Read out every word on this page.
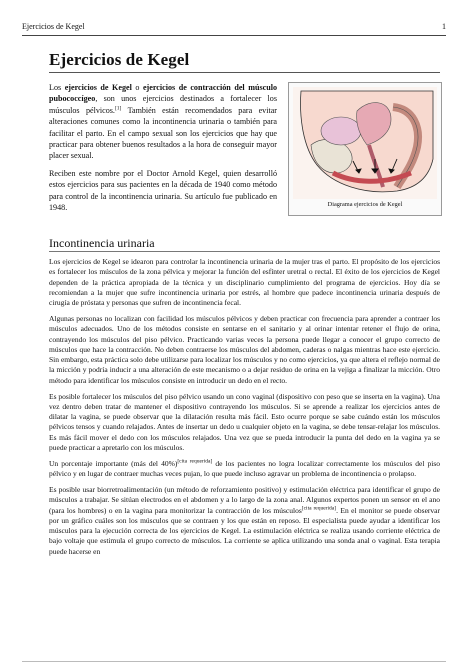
Ejercicios de Kegel	1
Ejercicios de Kegel

Los ejercicios de Kegel o ejercicios de contracción del músculo pubococcígeo, son unos ejercicios destinados a fortalecer los músculos pélvicos.[1] También están recomendados para evitar alteraciones comunes como la incontinencia urinaria o también para facilitar el parto. En el campo sexual son los ejercicios que hay que practicar para obtener buenos resultados a la hora de conseguir mayor placer sexual.

Reciben este nombre por el Doctor Arnold Kegel, quien desarrolló estos ejercicios para sus pacientes en la década de 1940 como método para control de la incontinencia urinaria. Su artículo fue publicado en 1948.	Diagrama ejercicios de Kegel
Incontinencia urinaria

Los ejercicios de Kegel se idearon para controlar la incontinencia urinaria de la mujer tras el parto. El propósito de los ejercicios es fortalecer los músculos de la zona pélvica y mejorar la función del esfínter uretral o rectal. El éxito de los ejercicios de Kegel dependen de la práctica apropiada de la técnica y un disciplinario cumplimiento del programa de ejercicios. Hoy día se recomiendan a la mujer que sufre incontinencia urinaria por estrés, al hombre que padece incontinencia urinaria después de cirugía de próstata y personas que sufren de incontinencia fecal.

Algunas personas no localizan con facilidad los músculos pélvicos y deben practicar con frecuencia para aprender a contraer los músculos adecuados. Uno de los métodos consiste en sentarse en el sanitario y al orinar intentar retener el flujo de orina, contrayendo los músculos del piso pélvico. Practicando varias veces la persona puede llegar a conocer el grupo correcto de músculos que hace la contracción. No deben contraerse los músculos del abdomen, caderas o nalgas mientras hace este ejercicio. Sin embargo, esta práctica solo debe utilizarse para localizar los músculos y no como ejercicios, ya que altera el reflejo normal de la micción y podría inducir a una alteración de este mecanismo o a dejar residuo de orina en la vejiga a finalizar la micción. Otro método para identificar los músculos consiste en introducir un dedo en el recto.

Es posible fortalecer los músculos del piso pélvico usando un cono vaginal (dispositivo con peso que se inserta en la vagina). Una vez dentro deben tratar de mantener el dispositivo contrayendo los músculos. Si se aprende a realizar los ejercicios antes de dilatar la vagina, se puede observar que la dilatación resulta más fácil. Esto ocurre porque se sabe cuándo están los músculos pélvicos tensos y cuando relajados. Antes de insertar un dedo u cualquier objeto en la vagina, se debe tensar-relajar los músculos. Es más fácil mover el dedo con los músculos relajados. Una vez que se pueda introducir la punta del dedo en la vagina ya se puede practicar a apretarlo con los músculos.

Un porcentaje importante (más del 40%)[cita requerida] de los pacientes no logra localizar correctamente los músculos del piso pélvico y en lugar de contraer muchas veces pujan, lo que puede incluso agravar un problema de incontinencia o prolapso.

Es posible usar biorretroalimentación (un método de reforzamiento positivo) y estimulación eléctrica para identificar el grupo de músculos a trabajar. Se sitúan electrodos en el abdomen y a lo largo de la zona anal. Algunos expertos ponen un sensor en el ano (para los hombres) o en la vagina para monitorizar la contracción de los músculos[cita requerida]. En el monitor se puede observar por un gráfico cuáles son los músculos que se contraen y los que están en reposo. El especialista puede ayudar a identificar los músculos para la ejecución correcta de los ejercicios de Kegel. La estimulación eléctrica se realiza usando corriente eléctrica de bajo voltaje que estimula el grupo correcto de músculos. La corriente se aplica utilizando una sonda anal o vaginal. Esta terapia puede hacerse en
